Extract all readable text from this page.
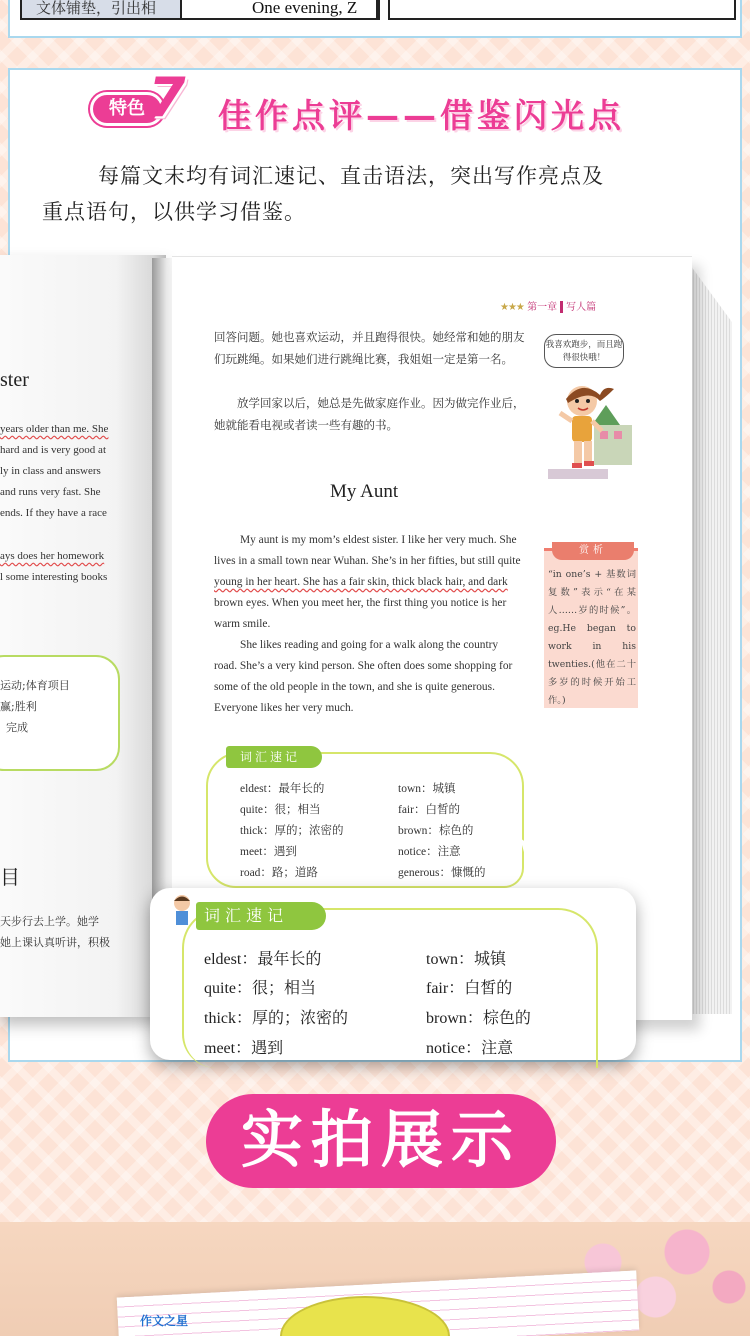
文体铺垫，引出相	One evening, Z
特色 7 佳作点评——借鉴闪光点
每篇文末均有词汇速记、直击语法，突出写作亮点及
重点语句，以供学习借鉴。
ster
years older than me. She
hard and is very good at
ly in class and answers
and runs very fast. She
ends. If they have a race
ays does her homework
l some interesting books
运动;体育项目
赢;胜利
完成
目
天步行去上学。她学
她上课认真听讲，积极
★★★ 第一章 写人篇
回答问题。她也喜欢运动，并且跑得很快。她经常和她的朋友们玩跳绳。如果她们进行跳绳比赛，我姐姐一定是第一名。
放学回家以后，她总是先做家庭作业。因为做完作业后，她就能看电视或者读一些有趣的书。
我喜欢跑步，而且跑得很快哦！
My Aunt
My aunt is my mom’s eldest sister. I like her very much. She
lives in a small town near Wuhan. She’s in her fifties, but still quite
young in her heart. She has a fair skin, thick black hair, and dark
brown eyes. When you meet her, the first thing you notice is her
warm smile.
She likes reading and going for a walk along the country
road. She’s a very kind person. She often does some shopping for
some of the old people in the town, and she is quite generous.
Everyone likes her very much.
赏析
“in one’s + 基数词复数”表示“在某人……岁的时候”。eg.He began to work in his twenties.(他在二十多岁的时候开始工作。)
词汇速记
eldest：最年长的	town：城镇
quite：很；相当	fair：白皙的
thick：厚的；浓密的	brown：棕色的
meet：遇到	notice：注意
road：路；道路	generous：慷慨的
词汇速记
eldest：最年长的	town：城镇
quite：很；相当	fair：白皙的
thick：厚的；浓密的	brown：棕色的
meet：遇到	notice：注意
实拍展示
作文之星
